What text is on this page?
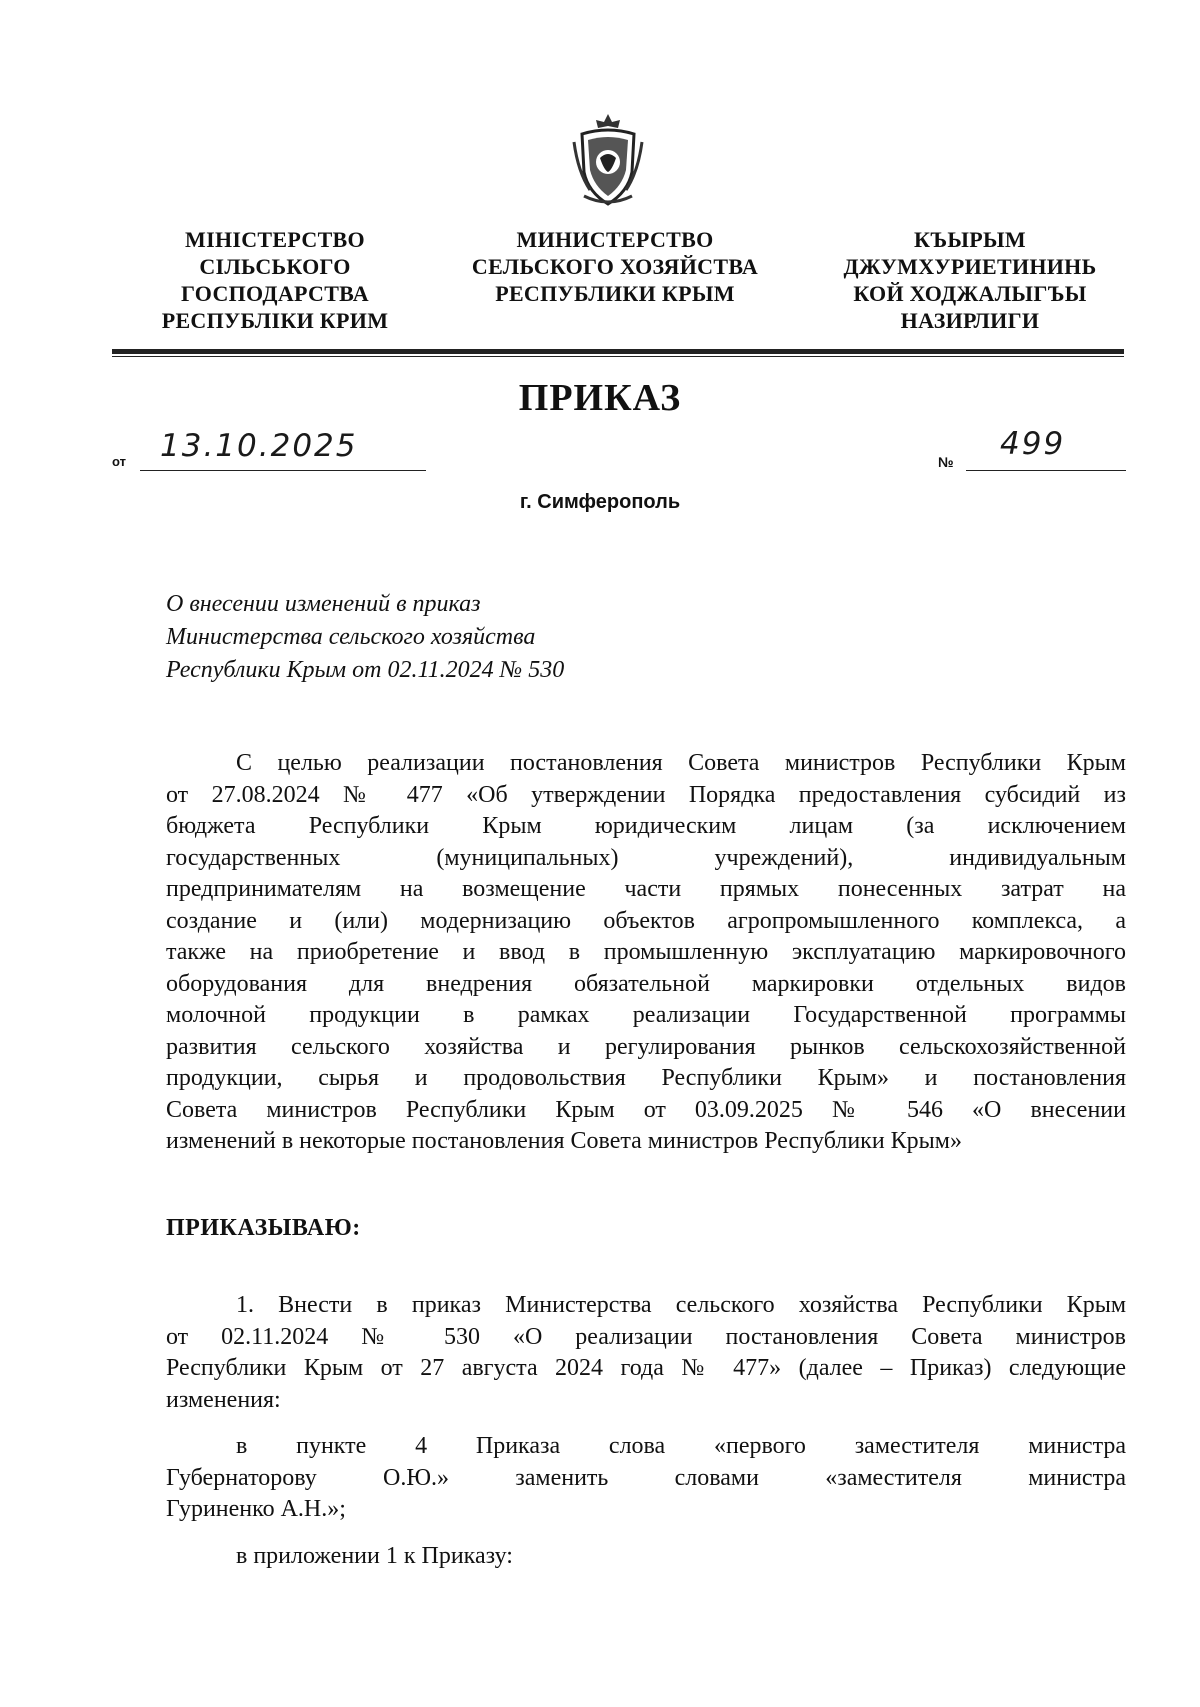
МІНІСТЕРСТВО
СІЛЬСЬКОГО
ГОСПОДАРСТВА
РЕСПУБЛІКИ КРИМ
МИНИСТЕРСТВО
СЕЛЬСКОГО ХОЗЯЙСТВА
РЕСПУБЛИКИ КРЫМ
КЪЫРЫМ
ДЖУМХУРИЕТИНИНЬ
КОЙ ХОДЖАЛЫГЪЫ
НАЗИРЛИГИ
ПРИКАЗ
от 13.10.2025	№ 499
г. Симферополь
О внесении изменений в приказ
Министерства сельского хозяйства
Республики Крым от 02.11.2024 № 530
С целью реализации постановления Совета министров Республики Крым
от 27.08.2024 № 477 «Об утверждении Порядка предоставления субсидий из
бюджета Республики Крым юридическим лицам (за исключением
государственных (муниципальных) учреждений), индивидуальным
предпринимателям на возмещение части прямых понесенных затрат на
создание и (или) модернизацию объектов агропромышленного комплекса, а
также на приобретение и ввод в промышленную эксплуатацию маркировочного
оборудования для внедрения обязательной маркировки отдельных видов
молочной продукции в рамках реализации Государственной программы
развития сельского хозяйства и регулирования рынков сельскохозяйственной
продукции, сырья и продовольствия Республики Крым» и постановления
Совета министров Республики Крым от 03.09.2025 № 546 «О внесении
изменений в некоторые постановления Совета министров Республики Крым»
ПРИКАЗЫВАЮ:
1. Внести в приказ Министерства сельского хозяйства Республики Крым
от 02.11.2024 № 530 «О реализации постановления Совета министров
Республики Крым от 27 августа 2024 года № 477» (далее – Приказ) следующие
изменения:
в пункте 4 Приказа слова «первого заместителя министра
Губернаторову О.Ю.» заменить словами «заместителя министра
Гуриненко А.Н.»;
в приложении 1 к Приказу:
